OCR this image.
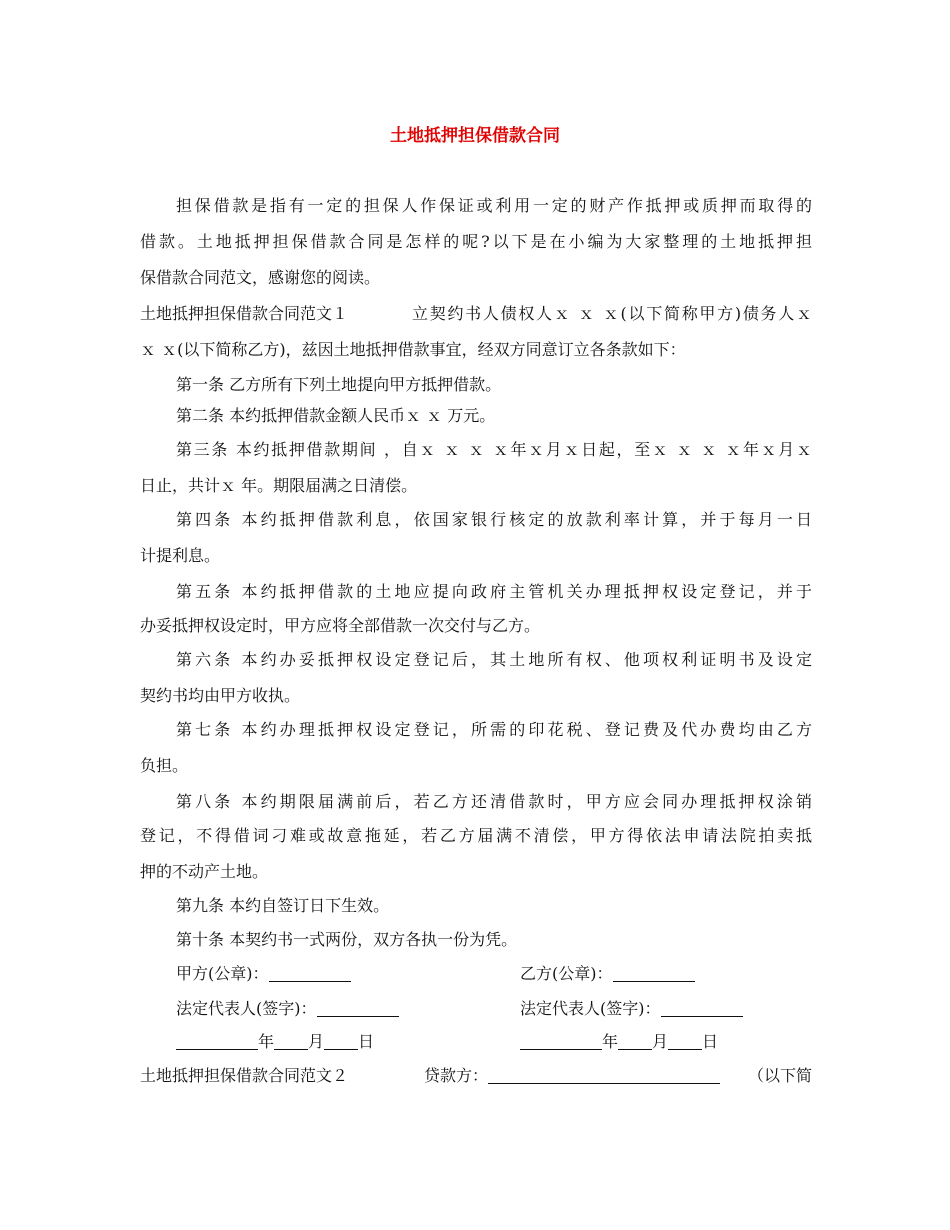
土地抵押担保借款合同
担保借款是指有一定的担保人作保证或利用一定的财产作抵押或质押而取得的
借款。土地抵押担保借款合同是怎样的呢?以下是在小编为大家整理的土地抵押担
保借款合同范文，感谢您的阅读。
土地抵押担保借款合同范文１	立契约书人债权人ｘ ｘ ｘ(以下简称甲方)债务人ｘ
ｘ ｘ(以下简称乙方)，兹因土地抵押借款事宜，经双方同意订立各条款如下：
第一条 乙方所有下列土地提向甲方抵押借款。
第二条 本约抵押借款金额人民币ｘ ｘ 万元。
第三条 本约抵押借款期间 ，自ｘ ｘ ｘ ｘ年ｘ月ｘ日起，至ｘ ｘ ｘ ｘ年ｘ月ｘ
日止，共计ｘ 年。期限届满之日清偿。
第四条 本约抵押借款利息，依国家银行核定的放款利率计算，并于每月一日
计提利息。
第五条 本约抵押借款的土地应提向政府主管机关办理抵押权设定登记，并于
办妥抵押权设定时，甲方应将全部借款一次交付与乙方。
第六条 本约办妥抵押权设定登记后，其土地所有权、他项权利证明书及设定
契约书均由甲方收执。
第七条 本约办理抵押权设定登记，所需的印花税、登记费及代办费均由乙方
负担。
第八条 本约期限届满前后，若乙方还清借款时，甲方应会同办理抵押权涂销
登记，不得借词刁难或故意拖延，若乙方届满不清偿，甲方得依法申请法院拍卖抵
押的不动产土地。
第九条 本约自签订日下生效。
第十条 本契约书一式两份，双方各执一份为凭。
甲方(公章)：	乙方(公章)：
法定代表人(签字)：	法定代表人(签字)：
年 月 日	年 月 日
土地抵押担保借款合同范文２	贷款方：	（以下简
